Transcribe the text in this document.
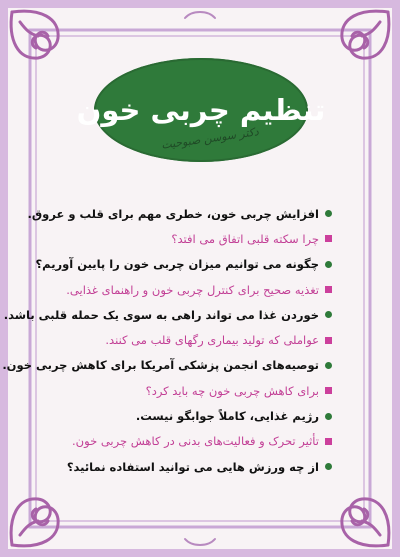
تنظیم چربی خون
دکتر سوسن صبوحیت
افزایش چربی خون، خطری مهم برای قلب و عروق.
چرا سکته قلبی اتفاق می افتد؟
چگونه می توانیم میزان چربی خون را پایین آوریم؟
تغذیه صحیح برای کنترل چربی خون و راهنمای غذایی.
خوردن غذا می تواند راهی به سوی یک حمله قلبی باشد.
عواملی که تولید بیماری رگهای قلب می کنند.
توصیه‌های انجمن پزشکی آمریکا برای کاهش چربی خون.
برای کاهش چربی خون چه باید کرد؟
رژیم غذایی، کاملاً جوابگو نیست.
تأثیر تحرک و فعالیت‌های بدنی در کاهش چربی خون.
از چه ورزش هایی می توانید استفاده نمائید؟
